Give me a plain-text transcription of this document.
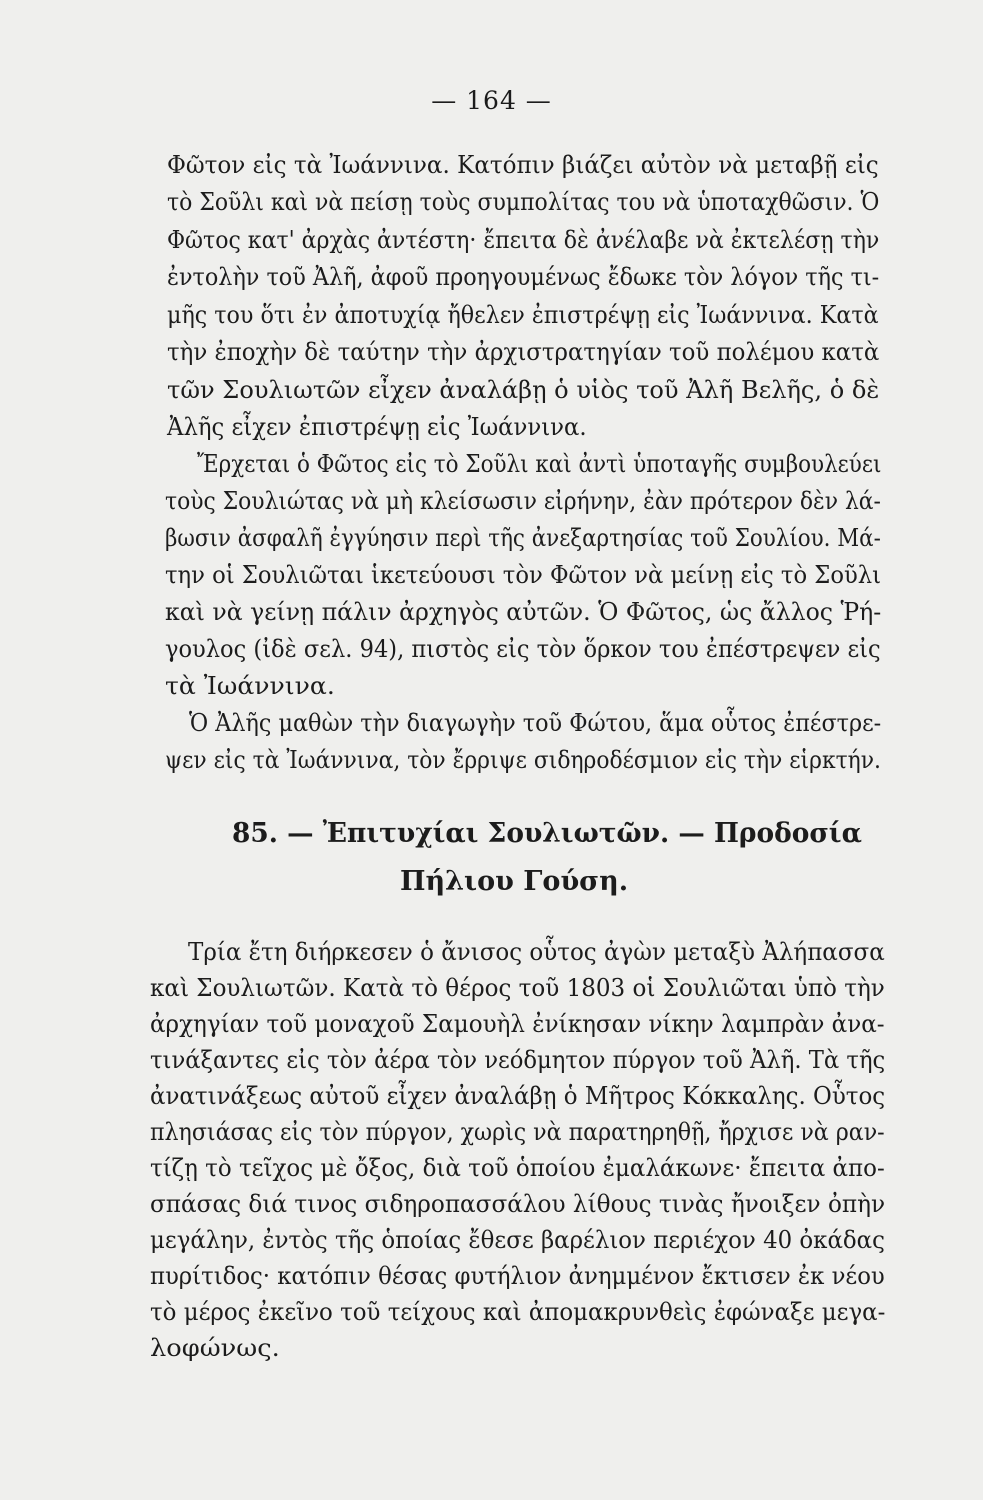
— 164 —
Φῶτον εἰς τὰ Ἰωάννινα. Κατόπιν βιάζει αὐτὸν νὰ μεταβῇ εἰς
τὸ Σοῦλι καὶ νὰ πείσῃ τοὺς συμπολίτας του νὰ ὑποταχθῶσιν. Ὁ
Φῶτος κατ' ἀρχὰς ἀντέστη· ἔπειτα δὲ ἀνέλαβε νὰ ἐκτελέσῃ τὴν
ἐντολὴν τοῦ Ἀλῆ, ἀφοῦ προηγουμένως ἔδωκε τὸν λόγον τῆς τι-
μῆς του ὅτι ἐν ἀποτυχίᾳ ἤθελεν ἐπιστρέψῃ εἰς Ἰωάννινα. Κατὰ
τὴν ἐποχὴν δὲ ταύτην τὴν ἀρχιστρατηγίαν τοῦ πολέμου κατὰ
τῶν Σουλιωτῶν εἶχεν ἀναλάβῃ ὁ υἱὸς τοῦ Ἀλῆ Βελῆς, ὁ δὲ
Ἀλῆς εἶχεν ἐπιστρέψῃ εἰς Ἰωάννινα.
Ἔρχεται ὁ Φῶτος εἰς τὸ Σοῦλι καὶ ἀντὶ ὑποταγῆς συμβουλεύει
τοὺς Σουλιώτας νὰ μὴ κλείσωσιν εἰρήνην, ἐὰν πρότερον δὲν λά-
βωσιν ἀσφαλῆ ἐγγύησιν περὶ τῆς ἀνεξαρτησίας τοῦ Σουλίου. Μά-
την οἱ Σουλιῶται ἱκετεύουσι τὸν Φῶτον νὰ μείνῃ εἰς τὸ Σοῦλι
καὶ νὰ γείνῃ πάλιν ἀρχηγὸς αὐτῶν. Ὁ Φῶτος, ὡς ἄλλος Ῥή-
γουλος (ἰδὲ σελ. 94), πιστὸς εἰς τὸν ὅρκον του ἐπέστρεψεν εἰς
τὰ Ἰωάννινα.
Ὁ Ἀλῆς μαθὼν τὴν διαγωγὴν τοῦ Φώτου, ἅμα οὗτος ἐπέστρε-
ψεν εἰς τὰ Ἰωάννινα, τὸν ἔρριψε σιδηροδέσμιον εἰς τὴν εἱρκτήν.
85. — Ἐπιτυχίαι Σουλιωτῶν. — Προδοσία
Πήλιου Γούση.
Τρία ἔτη διήρκεσεν ὁ ἄνισος οὗτος ἀγὼν μεταξὺ Ἀλήπασσα
καὶ Σουλιωτῶν. Κατὰ τὸ θέρος τοῦ 1803 οἱ Σουλιῶται ὑπὸ τὴν
ἀρχηγίαν τοῦ μοναχοῦ Σαμουὴλ ἐνίκησαν νίκην λαμπρὰν ἀνα-
τινάξαντες εἰς τὸν ἀέρα τὸν νεόδμητον πύργον τοῦ Ἀλῆ. Τὰ τῆς
ἀνατινάξεως αὐτοῦ εἶχεν ἀναλάβῃ ὁ Μῆτρος Κόκκαλης. Οὗτος
πλησιάσας εἰς τὸν πύργον, χωρὶς νὰ παρατηρηθῇ, ἤρχισε νὰ ραν-
τίζῃ τὸ τεῖχος μὲ ὄξος, διὰ τοῦ ὁποίου ἐμαλάκωνε· ἔπειτα ἀπο-
σπάσας διά τινος σιδηροπασσάλου λίθους τινὰς ἤνοιξεν ὀπὴν
μεγάλην, ἐντὸς τῆς ὁποίας ἔθεσε βαρέλιον περιέχον 40 ὀκάδας
πυρίτιδος· κατόπιν θέσας φυτήλιον ἀνημμένον ἔκτισεν ἐκ νέου
τὸ μέρος ἐκεῖνο τοῦ τείχους καὶ ἀπομακρυνθεὶς ἐφώναξε μεγα-
λοφώνως.
